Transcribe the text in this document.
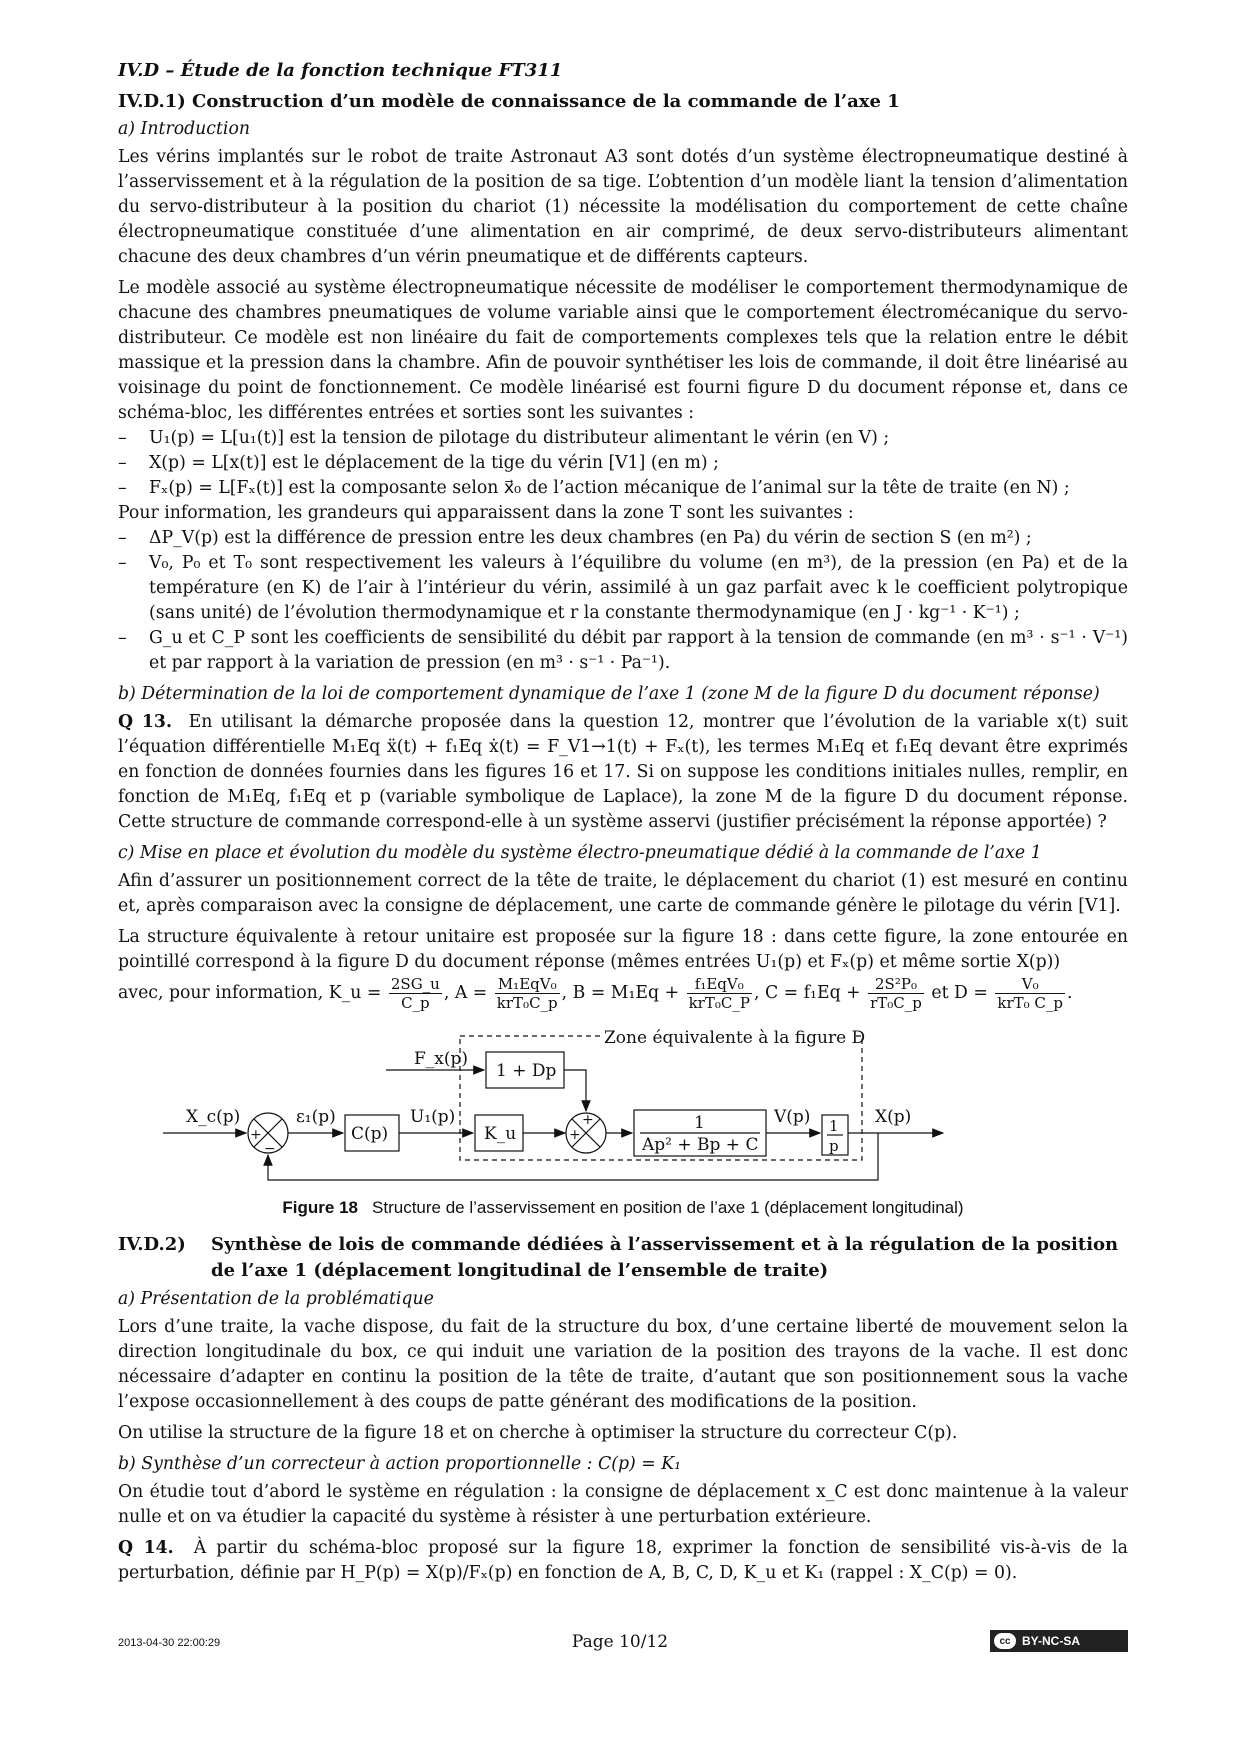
IV.D – Étude de la fonction technique FT311
IV.D.1) Construction d’un modèle de connaissance de la commande de l’axe 1
a) Introduction

Les vérins implantés sur le robot de traite Astronaut A3 sont dotés d’un système électropneumatique destiné à l’asservissement et à la régulation de la position de sa tige. L’obtention d’un modèle liant la tension d’alimentation du servo-distributeur à la position du chariot (1) nécessite la modélisation du comportement de cette chaîne électropneumatique constituée d’une alimentation en air comprimé, de deux servo-distributeurs alimentant chacune des deux chambres d’un vérin pneumatique et de différents capteurs.

Le modèle associé au système électropneumatique nécessite de modéliser le comportement thermodynamique de chacune des chambres pneumatiques de volume variable ainsi que le comportement électromécanique du servo-distributeur. Ce modèle est non linéaire du fait de comportements complexes tels que la relation entre le débit massique et la pression dans la chambre. Afin de pouvoir synthétiser les lois de commande, il doit être linéarisé au voisinage du point de fonctionnement. Ce modèle linéarisé est fourni figure D du document réponse et, dans ce schéma-bloc, les différentes entrées et sorties sont les suivantes :

– U₁(p) = L[u₁(t)] est la tension de pilotage du distributeur alimentant le vérin (en V) ;
– X(p) = L[x(t)] est le déplacement de la tige du vérin [V1] (en m) ;
– Fₓ(p) = L[Fₓ(t)] est la composante selon x⃗₀ de l’action mécanique de l’animal sur la tête de traite (en N) ;
Pour information, les grandeurs qui apparaissent dans la zone T sont les suivantes :
– ΔP_V(p) est la différence de pression entre les deux chambres (en Pa) du vérin de section S (en m²) ;
– V₀, P₀ et T₀ sont respectivement les valeurs à l’équilibre du volume (en m³), de la pression (en Pa) et de la température (en K) de l’air à l’intérieur du vérin, assimilé à un gaz parfait avec k le coefficient polytropique (sans unité) de l’évolution thermodynamique et r la constante thermodynamique (en J · kg⁻¹ · K⁻¹) ;
– G_u et C_P sont les coefficients de sensibilité du débit par rapport à la tension de commande (en m³ · s⁻¹ · V⁻¹) et par rapport à la variation de pression (en m³ · s⁻¹ · Pa⁻¹).
b) Détermination de la loi de comportement dynamique de l’axe 1 (zone M de la figure D du document réponse)

Q 13. En utilisant la démarche proposée dans la question 12, montrer que l’évolution de la variable x(t) suit l’équation différentielle M₁Eq ẍ(t) + f₁Eq ẋ(t) = F_V1→1(t) + Fₓ(t), les termes M₁Eq et f₁Eq devant être exprimés en fonction de données fournies dans les figures 16 et 17. Si on suppose les conditions initiales nulles, remplir, en fonction de M₁Eq, f₁Eq et p (variable symbolique de Laplace), la zone M de la figure D du document réponse. Cette structure de commande correspond-elle à un système asservi (justifier précisément la réponse apportée) ?

c) Mise en place et évolution du modèle du système électro-pneumatique dédié à la commande de l’axe 1

Afin d’assurer un positionnement correct de la tête de traite, le déplacement du chariot (1) est mesuré en continu et, après comparaison avec la consigne de déplacement, une carte de commande génère le pilotage du vérin [V1].

La structure équivalente à retour unitaire est proposée sur la figure 18 : dans cette figure, la zone entourée en pointillé correspond à la figure D du document réponse (mêmes entrées U₁(p) et Fₓ(p) et même sortie X(p))

avec, pour information, K_u = $\frac{2SG\_u}{C\_p}$ , $A = \frac{\text{M₁EqV₀}}{\text{krT₀C\_p}}$ , $B = M_1Eq + \frac{\text{f₁EqV₀}}{\text{krT₀C\_P}}$ , $C = f_1Eq + \frac{\text{2S²P₀}}{\text{rT₀C\_p}}$ et $D = \frac{\text{V₀}}{\text{krT₀ C\_p}}$ .
Zone équivalente à la figure D
X_c(p)
+
−
ε₁(p)
C(p)
U₁(p)
K_u
F_x(p)
1 + Dp
+
+
1
Ap² + Bp + C
V(p) 1
p
X(p)
Figure 18 Structure de l’asservissement en position de l’axe 1 (déplacement longitudinal)
IV.D.2) Synthèse de lois de commande dédiées à l’asservissement et à la régulation de la position de l’axe 1 (déplacement longitudinal de l’ensemble de traite)
a) Présentation de la problématique

Lors d’une traite, la vache dispose, du fait de la structure du box, d’une certaine liberté de mouvement selon la direction longitudinale du box, ce qui induit une variation de la position des trayons de la vache. Il est donc nécessaire d’adapter en continu la position de la tête de traite, d’autant que son positionnement sous la vache l’expose occasionnellement à des coups de patte générant des modifications de la position.

On utilise la structure de la figure 18 et on cherche à optimiser la structure du correcteur C(p).

b) Synthèse d’un correcteur à action proportionnelle : C(p) = K₁

On étudie tout d’abord le système en régulation : la consigne de déplacement x_C est donc maintenue à la valeur nulle et on va étudier la capacité du système à résister à une perturbation extérieure.

Q 14. À partir du schéma-bloc proposé sur la figure 18, exprimer la fonction de sensibilité vis-à-vis de la perturbation, définie par H_P(p) = X(p)/Fₓ(p) en fonction de A, B, C, D, K_u et K₁ (rappel : X_C(p) = 0).

2013-04-30 22:00:29	Page 10/12	cc BY-NC-SA
